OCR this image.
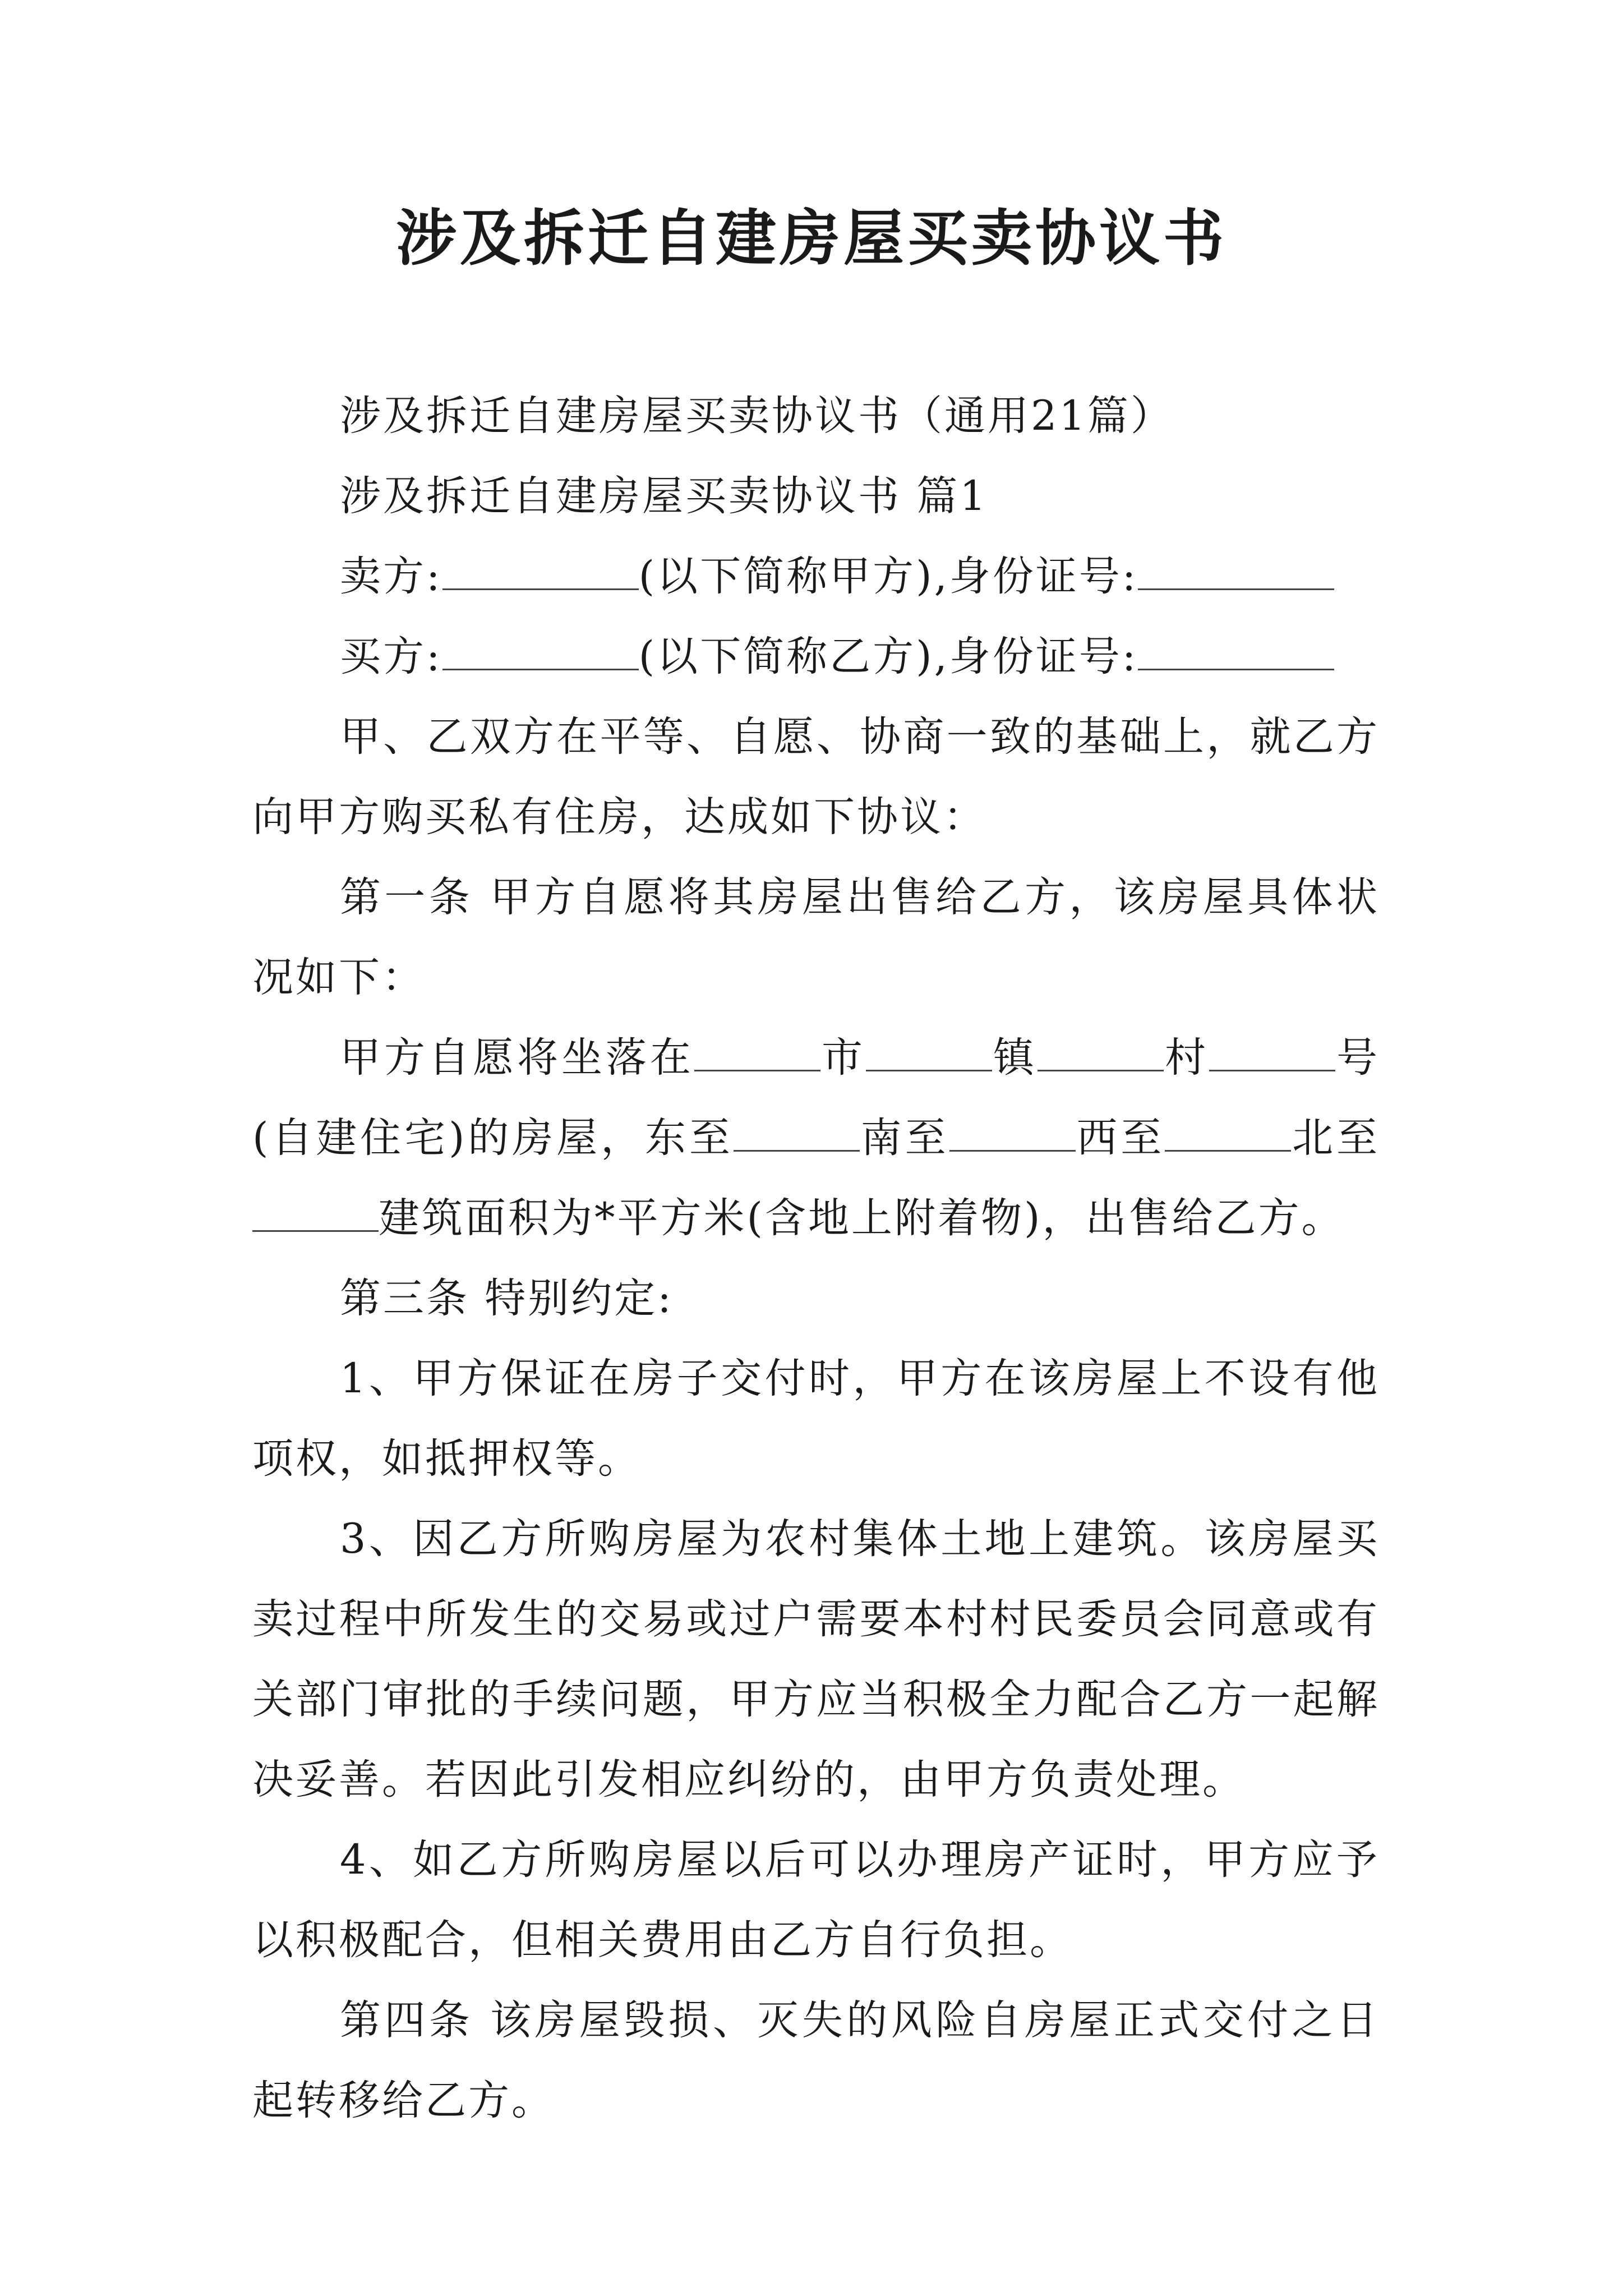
涉及拆迁自建房屋买卖协议书

涉及拆迁自建房屋买卖协议书（通用21篇）

涉及拆迁自建房屋买卖协议书 篇1

卖方:	(以下简称甲方),身份证号:

买方:	(以下简称乙方),身份证号:

甲、乙双方在平等、自愿、协商一致的基础上，就乙方向甲方购买私有住房，达成如下协议：

第一条 甲方自愿将其房屋出售给乙方，该房屋具体状况如下：

甲方自愿将坐落在	市	镇	村	号(自建住宅)的房屋，东至	南至	西至	北至建筑面积为*平方米(含地上附着物)，出售给乙方。

第三条 特别约定:

1、甲方保证在房子交付时，甲方在该房屋上不设有他项权，如抵押权等。

3、因乙方所购房屋为农村集体土地上建筑。该房屋买卖过程中所发生的交易或过户需要本村村民委员会同意或有关部门审批的手续问题，甲方应当积极全力配合乙方一起解决妥善。若因此引发相应纠纷的，由甲方负责处理。

4、如乙方所购房屋以后可以办理房产证时，甲方应予以积极配合，但相关费用由乙方自行负担。

第四条 该房屋毁损、灭失的风险自房屋正式交付之日起转移给乙方。
